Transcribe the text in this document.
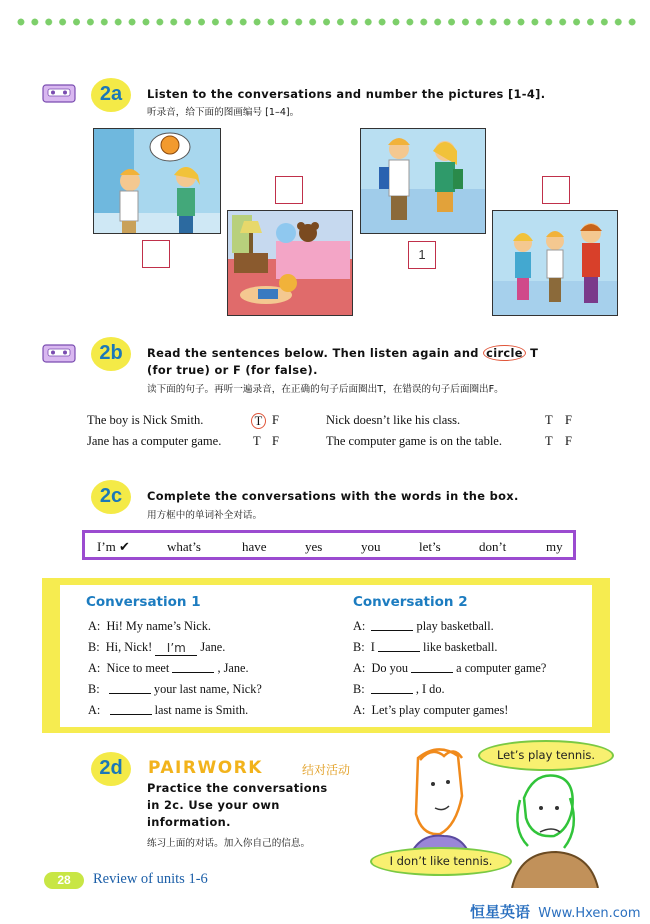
2a	Listen to the conversations and number the pictures [1-4].
听录音，给下面的图画编号 [1–4]。
1
2b	Read the sentences below. Then listen again and circle T
(for true) or F (for false).
读下面的句子。再听一遍录音，在正确的句子后面圈出T，在错误的句子后面圈出F。
The boy is Nick Smith.	T F
Jane has a computer game.	T F
Nick doesn’t like his class.	T F
The computer game is on the table.	T F
2c	Complete the conversations with the words in the box.
用方框中的单词补全对话。
I’m ✔	what’s	have	yes	you	let’s	don’t	my
Conversation 1	Conversation 2
A: Hi! My name’s Nick.
B: Hi, Nick! I’m Jane.
A: Nice to meet	, Jane.
B:	your last name, Nick?
A:	last name is Smith.
A:	play basketball.
B: I	like basketball.
A: Do you	a computer game?
B:	, I do.
A: Let’s play computer games!
2d	PAIRWORK	结对活动
Practice the conversations
in 2c. Use your own
information.
练习上面的对话。加入你自己的信息。
Let’s play tennis.
I don’t like tennis.
28	Review of units 1-6
恒星英语 Www.Hxen.com
